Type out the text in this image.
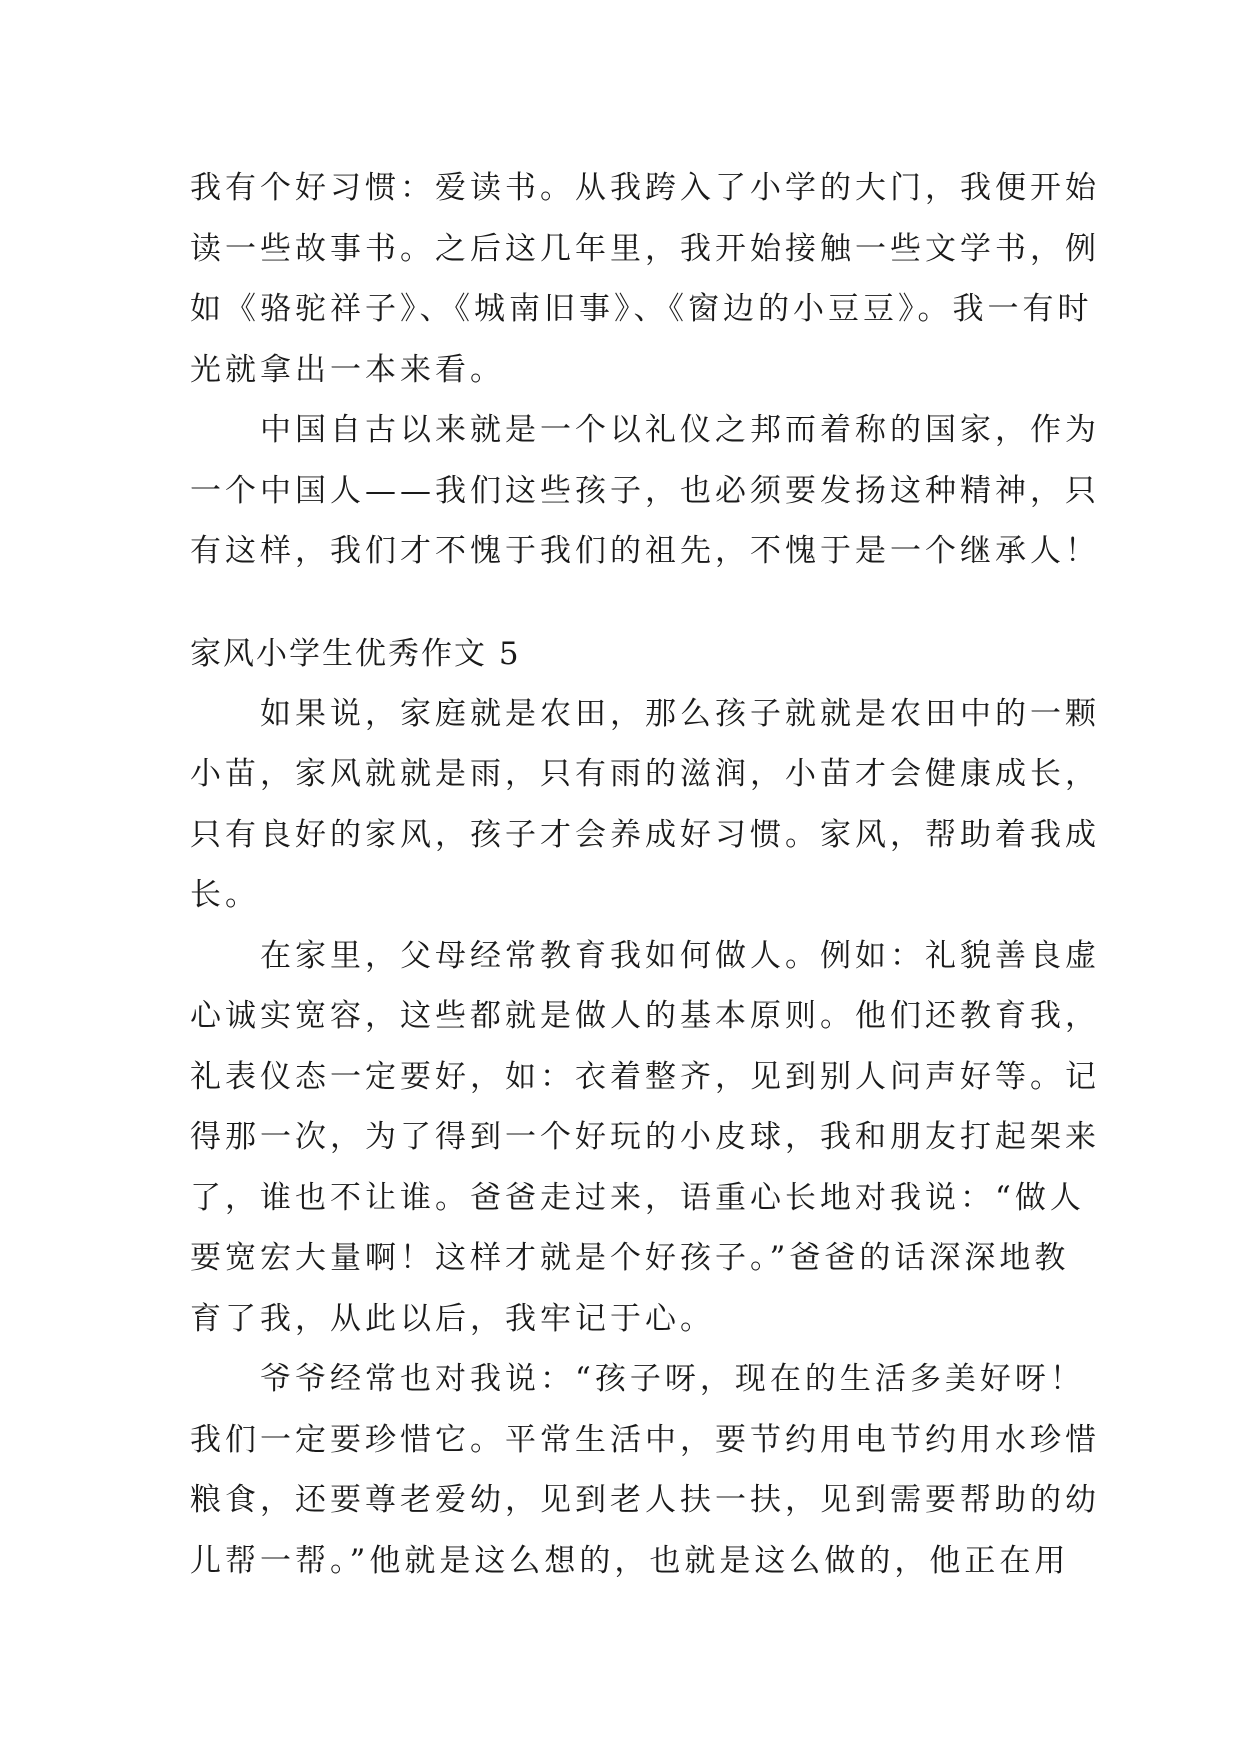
我有个好习惯：爱读书。从我跨入了小学的大门，我便开始
读一些故事书。之后这几年里，我开始接触一些文学书，例
如《骆驼祥子》、《城南旧事》、《窗边的小豆豆》。我一有时
光就拿出一本来看。
　　中国自古以来就是一个以礼仪之邦而着称的国家，作为
一个中国人——我们这些孩子，也必须要发扬这种精神，只
有这样，我们才不愧于我们的祖先，不愧于是一个继承人！
家风小学生优秀作文 5
　　如果说，家庭就是农田，那么孩子就就是农田中的一颗
小苗，家风就就是雨，只有雨的滋润，小苗才会健康成长，
只有良好的家风，孩子才会养成好习惯。家风，帮助着我成
长。
　　在家里，父母经常教育我如何做人。例如：礼貌善良虚
心诚实宽容，这些都就是做人的基本原则。他们还教育我，
礼表仪态一定要好，如：衣着整齐，见到别人问声好等。记
得那一次，为了得到一个好玩的小皮球，我和朋友打起架来
了，谁也不让谁。爸爸走过来，语重心长地对我说：“做人
要宽宏大量啊！这样才就是个好孩子。”爸爸的话深深地教
育了我，从此以后，我牢记于心。
　　爷爷经常也对我说：“孩子呀，现在的生活多美好呀！
我们一定要珍惜它。平常生活中，要节约用电节约用水珍惜
粮食，还要尊老爱幼，见到老人扶一扶，见到需要帮助的幼
儿帮一帮。”他就是这么想的，也就是这么做的，他正在用
